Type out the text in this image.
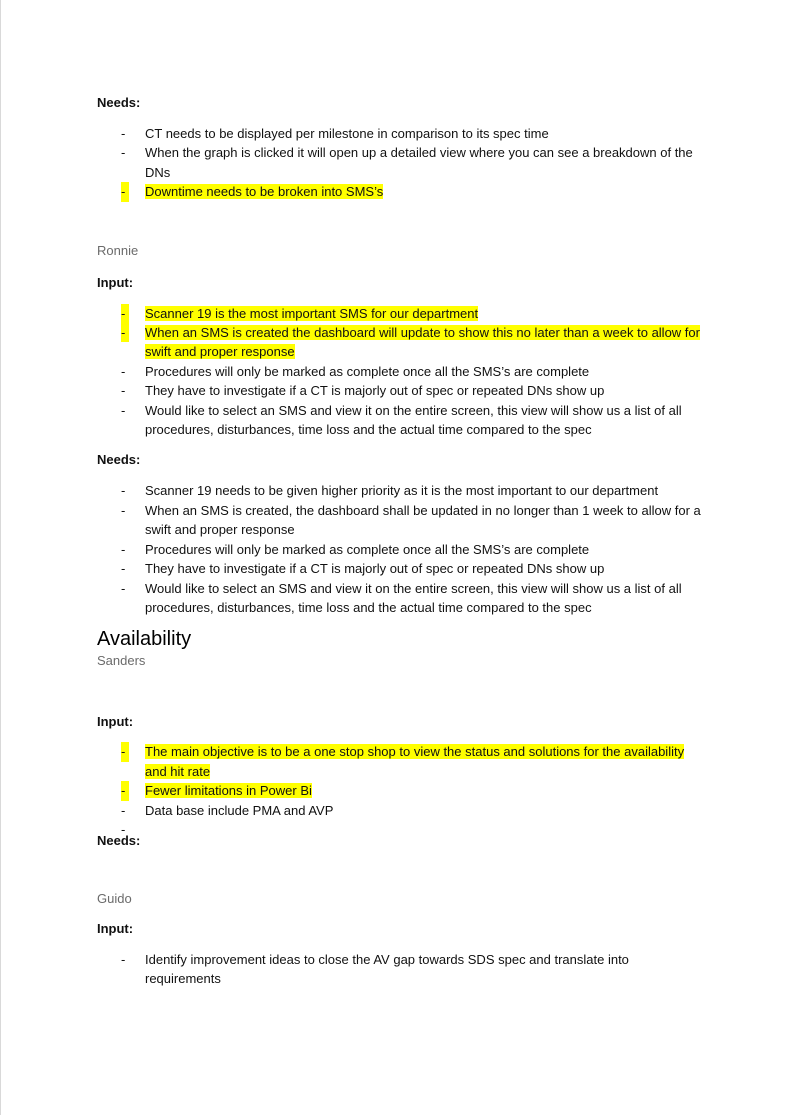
Needs:
- CT needs to be displayed per milestone in comparison to its spec time
- When the graph is clicked it will open up a detailed view where you can see a breakdown of the DNs
- Downtime needs to be broken into SMS’s
Ronnie
Input:
- Scanner 19 is the most important SMS for our department
- When an SMS is created the dashboard will update to show this no later than a week to allow for swift and proper response
- Procedures will only be marked as complete once all the SMS’s are complete
- They have to investigate if a CT is majorly out of spec or repeated DNs show up
- Would like to select an SMS and view it on the entire screen, this view will show us a list of all procedures, disturbances, time loss and the actual time compared to the spec
Needs:
- Scanner 19 needs to be given higher priority as it is the most important to our department
- When an SMS is created, the dashboard shall be updated in no longer than 1 week to allow for a swift and proper response
- Procedures will only be marked as complete once all the SMS’s are complete
- They have to investigate if a CT is majorly out of spec or repeated DNs show up
- Would like to select an SMS and view it on the entire screen, this view will show us a list of all procedures, disturbances, time loss and the actual time compared to the spec
Availability
Sanders
Input:
- The main objective is to be a one stop shop to view the status and solutions for the availability and hit rate
- Fewer limitations in Power Bi
- Data base include PMA and AVP
-
Needs:
Guido
Input:
- Identify improvement ideas to close the AV gap towards SDS spec and translate into requirements
